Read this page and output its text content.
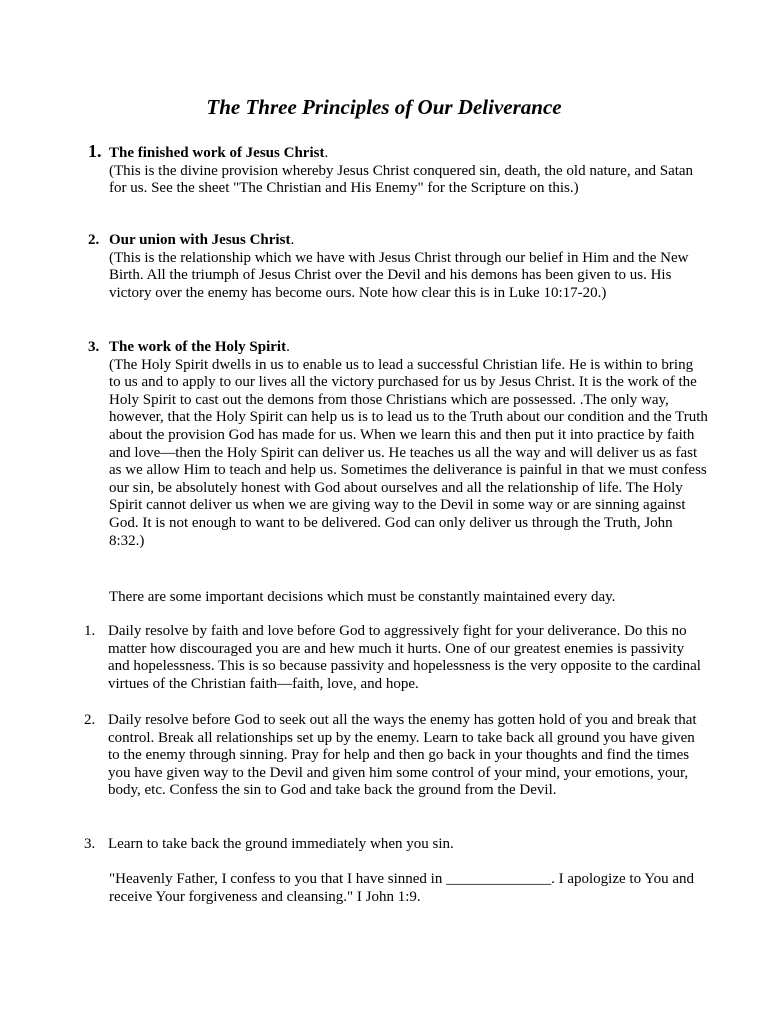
The Three Principles of Our Deliverance
1. The finished work of Jesus Christ.
(This is the divine provision whereby Jesus Christ conquered sin, death, the old nature, and Satan for us. See the sheet "The Christian and His Enemy" for the Scripture on this.)
2. Our union with Jesus Christ.
(This is the relationship which we have with Jesus Christ through our belief in Him and the New Birth. All the triumph of Jesus Christ over the Devil and his demons has been given to us. His victory over the enemy has become ours. Note how clear this is in Luke 10:17-20.)
3. The work of the Holy Spirit.
(The Holy Spirit dwells in us to enable us to lead a successful Christian life. He is within to bring to us and to apply to our lives all the victory purchased for us by Jesus Christ. It is the work of the Holy Spirit to cast out the demons from those Christians which are possessed. .The only way, however, that the Holy Spirit can help us is to lead us to the Truth about our condition and the Truth about the provision God has made for us. When we learn this and then put it into practice by faith and love—then the Holy Spirit can deliver us. He teaches us all the way and will deliver us as fast as we allow Him to teach and help us. Sometimes the deliverance is painful in that we must confess our sin, be absolutely honest with God about ourselves and all the relationship of life. The Holy Spirit cannot deliver us when we are giving way to the Devil in some way or are sinning against God. It is not enough to want to be delivered. God can only deliver us through the Truth, John 8:32.)
There are some important decisions which must be constantly maintained every day.
1. Daily resolve by faith and love before God to aggressively fight for your deliverance. Do this no matter how discouraged you are and hew much it hurts. One of our greatest enemies is passivity and hopelessness. This is so because passivity and hopelessness is the very opposite to the cardinal virtues of the Christian faith—faith, love, and hope.
2. Daily resolve before God to seek out all the ways the enemy has gotten hold of you and break that control. Break all relationships set up by the enemy. Learn to take back all ground you have given to the enemy through sinning. Pray for help and then go back in your thoughts and find the times you have given way to the Devil and given him some control of your mind, your emotions, your, body, etc. Confess the sin to God and take back the ground from the Devil.
3. Learn to take back the ground immediately when you sin.
"Heavenly Father, I confess to you that I have sinned in ______________. I apologize to You and receive Your forgiveness and cleansing." I John 1:9.
